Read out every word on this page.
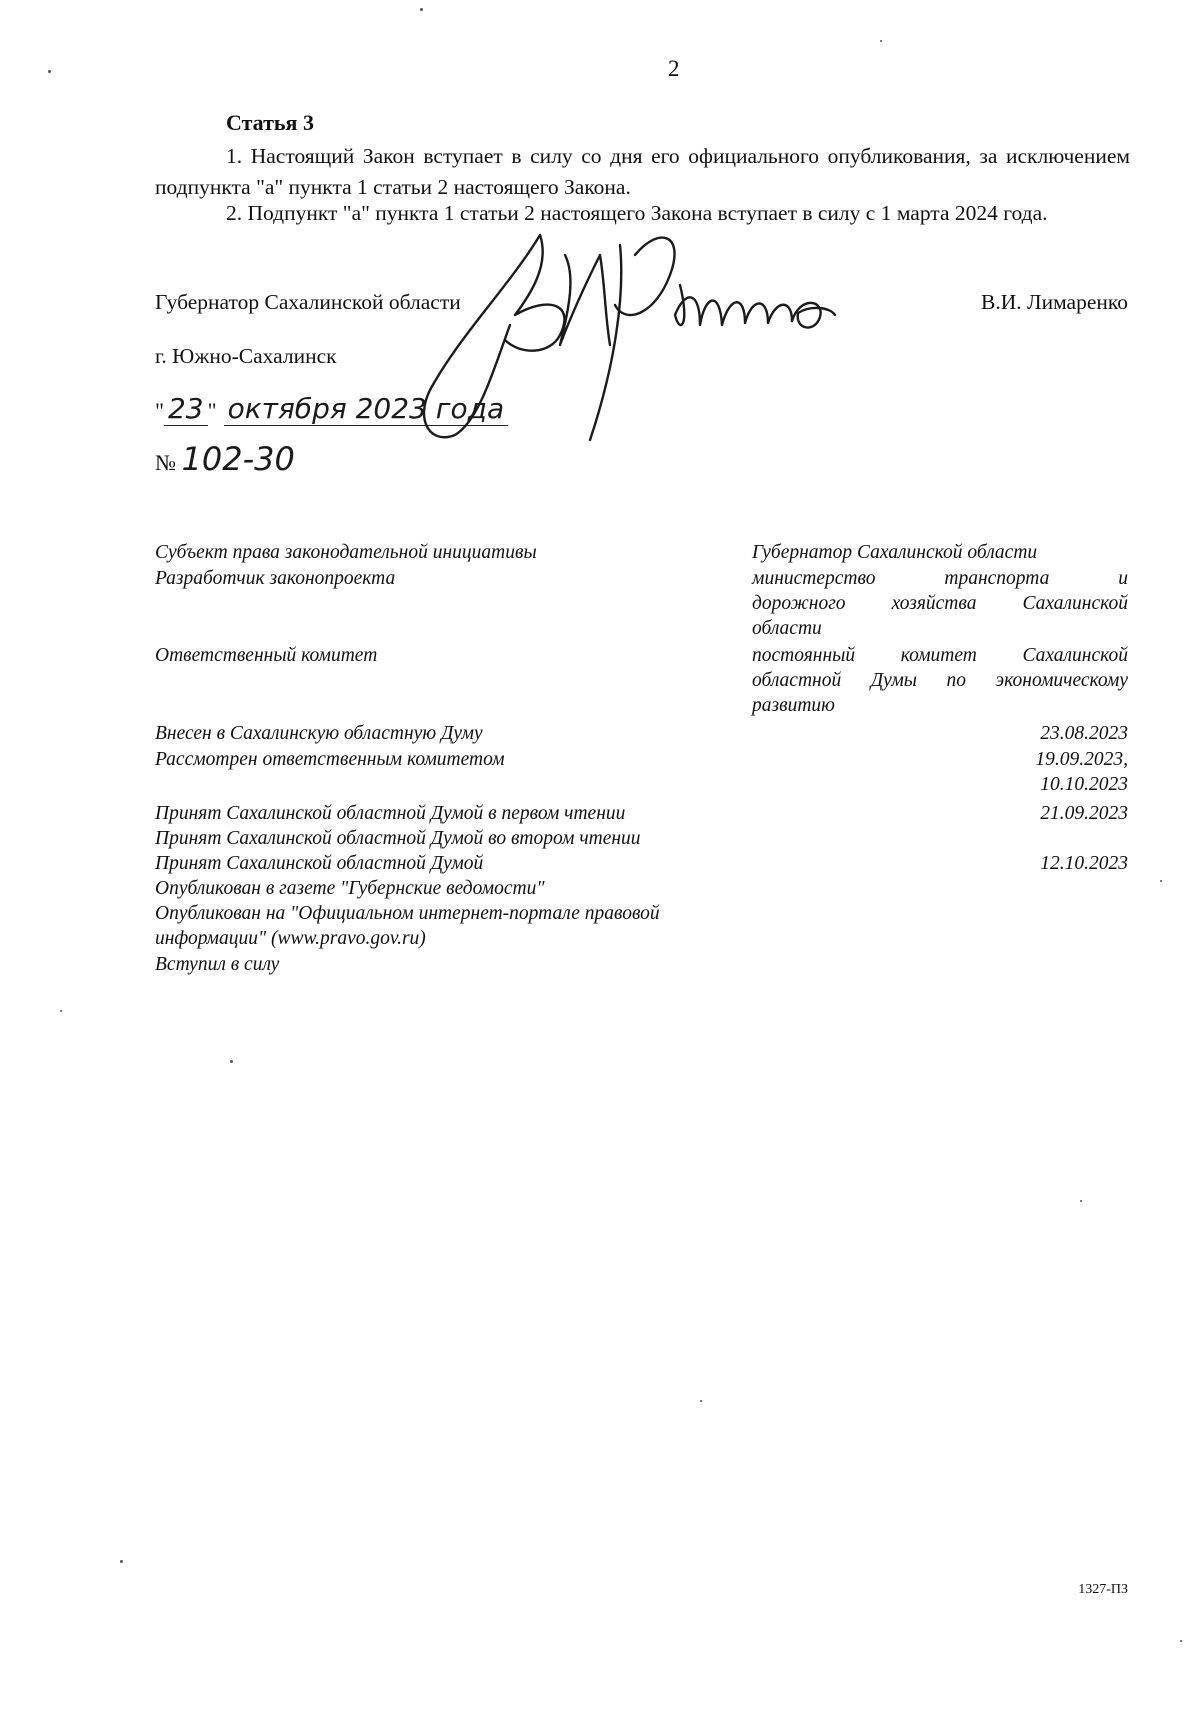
2
Статья 3
1. Настоящий Закон вступает в силу со дня его официального опубликования, за исключением подпункта "а" пункта 1 статьи 2 настоящего Закона.
2. Подпункт "а" пункта 1 статьи 2 настоящего Закона вступает в силу с 1 марта 2024 года.
Губернатор Сахалинской области	В.И. Лимаренко
г. Южно-Сахалинск
" 23 " октября 2023 года
№ 102-30
Субъект права законодательной инициативы
Разработчик законопроекта
Ответственный комитет
Внесен в Сахалинскую областную Думу
Рассмотрен ответственным комитетом
Принят Сахалинской областной Думой в первом чтении
Принят Сахалинской областной Думой во втором чтении
Принят Сахалинской областной Думой
Опубликован в газете "Губернские ведомости"
Опубликован на "Официальном интернет-портале правовой
информации" (www.pravo.gov.ru)
Вступил в силу
Губернатор Сахалинской области
министерство транспорта и
дорожного хозяйства Сахалинской
области
постоянный комитет Сахалинской
областной Думы по экономическому
развитию
23.08.2023
19.09.2023,
10.10.2023
21.09.2023
12.10.2023
1327-ПЗ
